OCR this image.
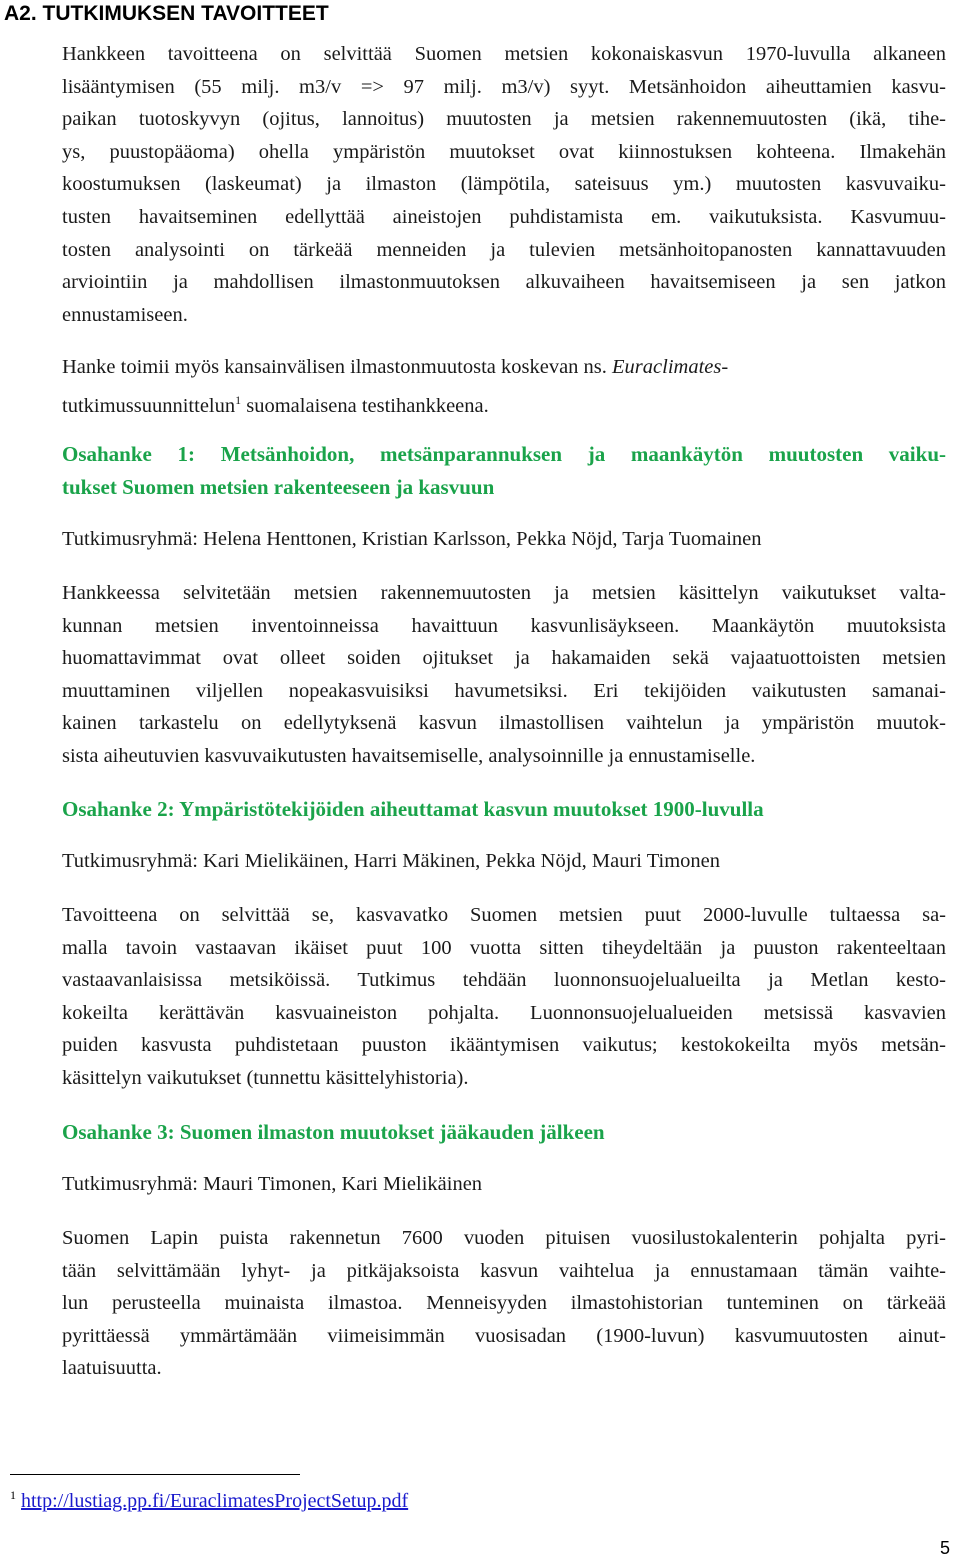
A2. TUTKIMUKSEN TAVOITTEET
Hankkeen tavoitteena on selvittää Suomen metsien kokonaiskasvun 1970-luvulla alkaneen
lisääntymisen (55 milj. m3/v => 97 milj. m3/v) syyt. Metsänhoidon aiheuttamien kasvu-
paikan tuotoskyvyn (ojitus, lannoitus) muutosten ja metsien rakennemuutosten (ikä, tihe-
ys, puustopääoma) ohella ympäristön muutokset ovat kiinnostuksen kohteena. Ilmakehän
koostumuksen (laskeumat) ja ilmaston (lämpötila, sateisuus ym.) muutosten kasvuvaiku-
tusten havaitseminen edellyttää aineistojen puhdistamista em. vaikutuksista. Kasvumuu-
tosten analysointi on tärkeää menneiden ja tulevien metsänhoitopanosten kannattavuuden
arviointiin ja mahdollisen ilmastonmuutoksen alkuvaiheen havaitsemiseen ja sen jatkon
ennustamiseen.
Hanke toimii myös kansainvälisen ilmastonmuutosta koskevan ns. Euraclimates-
tutkimussuunnittelun$^1$ suomalaisena testihankkeena.
Osahanke 1: Metsänhoidon, metsänparannuksen ja maankäytön muutosten vaiku-
tukset Suomen metsien rakenteeseen ja kasvuun

Tutkimusryhmä: Helena Henttonen, Kristian Karlsson, Pekka Nöjd, Tarja Tuomainen

Hankkeessa selvitetään metsien rakennemuutosten ja metsien käsittelyn vaikutukset valta-
kunnan metsien inventoinneissa havaittuun kasvunlisäykseen. Maankäytön muutoksista
huomattavimmat ovat olleet soiden ojitukset ja hakamaiden sekä vajaatuottoisten metsien
muuttaminen viljellen nopeakasvuisiksi havumetsiksi. Eri tekijöiden vaikutusten samanai-
kainen tarkastelu on edellytyksenä kasvun ilmastollisen vaihtelun ja ympäristön muutok-
sista aiheutuvien kasvuvaikutusten havaitsemiselle, analysoinnille ja ennustamiselle.
Osahanke 2: Ympäristötekijöiden aiheuttamat kasvun muutokset 1900-luvulla

Tutkimusryhmä: Kari Mielikäinen, Harri Mäkinen, Pekka Nöjd, Mauri Timonen

Tavoitteena on selvittää se, kasvavatko Suomen metsien puut 2000-luvulle tultaessa sa-
malla tavoin vastaavan ikäiset puut 100 vuotta sitten tiheydeltään ja puuston rakenteeltaan
vastaavanlaisissa metsiköissä. Tutkimus tehdään luonnonsuojelualueilta ja Metlan kesto-
kokeilta kerättävän kasvuaineiston pohjalta. Luonnonsuojelualueiden metsissä kasvavien
puiden kasvusta puhdistetaan puuston ikääntymisen vaikutus; kestokokeilta myös metsän-
käsittelyn vaikutukset (tunnettu käsittelyhistoria).
Osahanke 3: Suomen ilmaston muutokset jääkauden jälkeen

Tutkimusryhmä: Mauri Timonen, Kari Mielikäinen

Suomen Lapin puista rakennetun 7600 vuoden pituisen vuosilustokalenterin pohjalta pyri-
tään selvittämään lyhyt- ja pitkäjaksoista kasvun vaihtelua ja ennustamaan tämän vaihte-
lun perusteella muinaista ilmastoa. Menneisyyden ilmastohistorian tunteminen on tärkeää
pyrittäessä ymmärtämään viimeisimmän vuosisadan (1900-luvun) kasvumuutosten ainut-
laatuisuutta.

$^1$ http://lustiag.pp.fi/EuraclimatesProjectSetup.pdf

5
